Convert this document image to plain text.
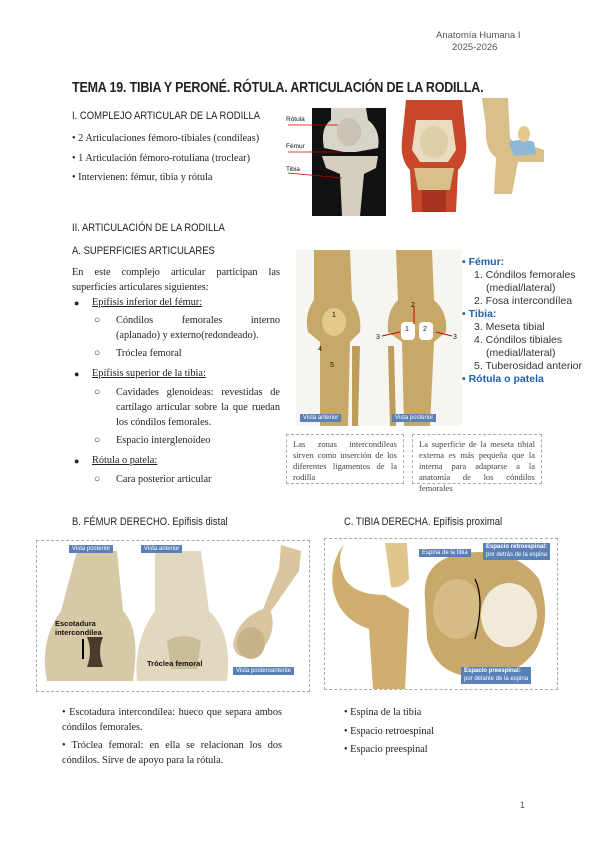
Anatomía Humana I
2025-2026
TEMA 19. TIBIA Y PERONÉ. RÓTULA. ARTICULACIÓN DE LA RODILLA.
I. COMPLEJO ARTICULAR DE LA RODILLA
• 2 Articulaciones fémoro-tibiales (condíleas)
• 1 Articulación fémoro-rotuliana (troclear)
• Intervienen: fémur, tibia y rótula
Rótula
Fémur
Tibia
II. ARTICULACIÓN DE LA RODILLA
A. SUPERFICIES ARTICULARES
En este complejo articular participan las
superficies articulares siguientes:
● Epífisis inferior del fémur:
○ Cóndilos femorales interno
(aplanado) y externo(redondeado).
○ Tróclea femoral
● Epífisis superior de la tibia:
○ Cavidades glenoideas: revestidas de
cartílago articular sobre la que ruedan
los cóndilos femorales.
○ Espacio interglenoideo
● Rótula o patela:
○ Cara posterior articular
1
2
3
4
5
1 2
3
Vista anterior	Vista posterior
• Fémur:
1. Cóndilos femorales
(medial/lateral)
2. Fosa intercondílea
• Tibia:
3. Meseta tibial
4. Cóndilos tibiales
(medial/lateral)
5. Tuberosidad anterior
• Rótula o patela
Las zonas intercondíleas sirven como inserción de los diferentes ligamentos de la rodilla
La superficie de la meseta tibial externa es más pequeña que la interna para adaptarse a la anatomía de los cóndilos femorales
B. FÉMUR DERECHO. Epífisis distal
Vista posterior	Vista anterior
Escotadura intercondílea
Tróclea femoral
Vista posteroanterior
• Escotadura intercondílea: hueco que separa ambos
cóndilos femorales.
• Tróclea femoral: en ella se relacionan los dos
cóndilos. Sirve de apoyo para la rótula.
C. TIBIA DERECHA. Epífisis proximal
Espina de la tibia
Espacio retroespinal:
por detrás de la espina
Espacio preespinal:
por delante de la espina
• Espina de la tibia
• Espacio retroespinal
• Espacio preespinal
1
